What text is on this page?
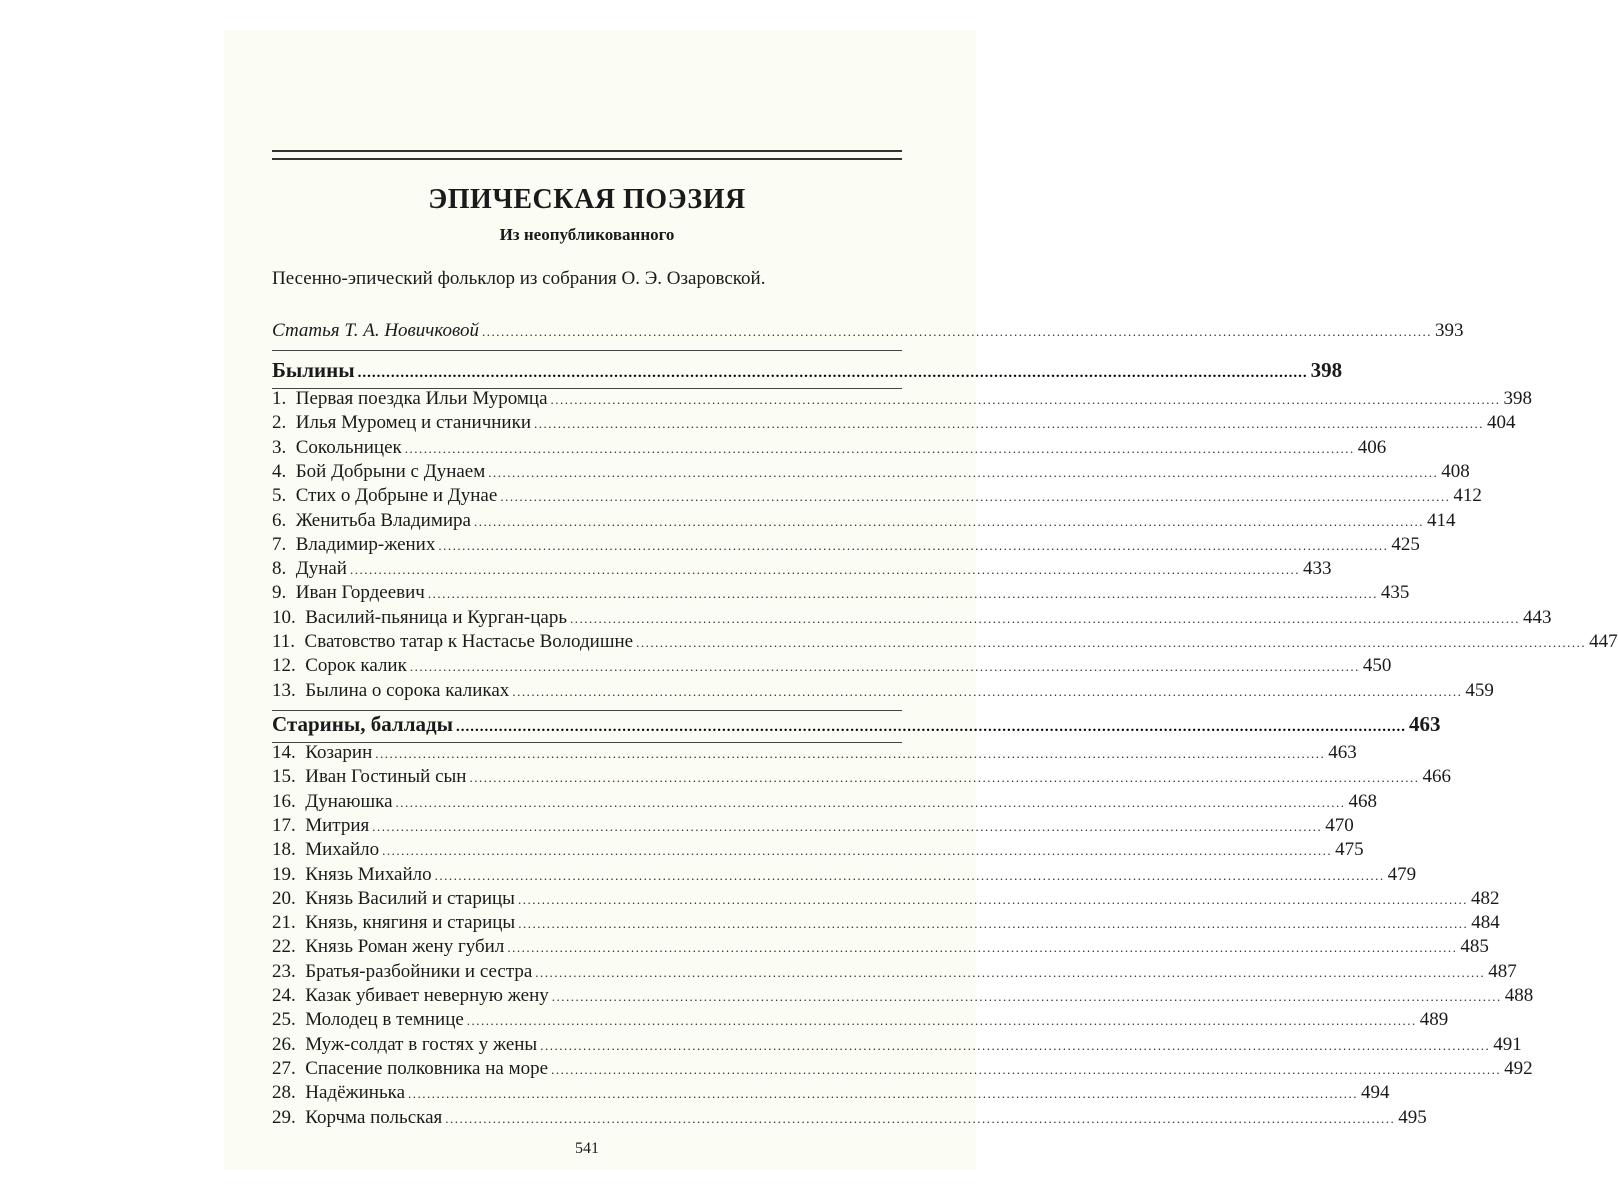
ЭПИЧЕСКАЯ ПОЭЗИЯ
Из неопубликованного
Песенно-эпический фольклор из собрания О. Э. Озаровской.
Статья Т. А. Новичковой ........................................................................................................................................................................................................ 393
Былины ........................................................................................................................................................................................................ 398
1. Первая поездка Ильи Муромца ........................................................................................................................................................................................................ 398
2. Илья Муромец и станичники ........................................................................................................................................................................................................ 404
3. Сокольницек ........................................................................................................................................................................................................ 406
4. Бой Добрыни с Дунаем ........................................................................................................................................................................................................ 408
5. Стих о Добрыне и Дунае ........................................................................................................................................................................................................ 412
6. Женитьба Владимира ........................................................................................................................................................................................................ 414
7. Владимир-жених ........................................................................................................................................................................................................ 425
8. Дунай ........................................................................................................................................................................................................ 433
9. Иван Гордеевич ........................................................................................................................................................................................................ 435
10. Василий-пьяница и Курган-царь ........................................................................................................................................................................................................ 443
11. Сватовство татар к Настасье Володишне ........................................................................................................................................................................................................ 447
12. Сорок калик ........................................................................................................................................................................................................ 450
13. Былина о сорока каликах ........................................................................................................................................................................................................ 459
Старины, баллады ........................................................................................................................................................................................................ 463
14. Козарин ........................................................................................................................................................................................................ 463
15. Иван Гостиный сын ........................................................................................................................................................................................................ 466
16. Дунаюшка ........................................................................................................................................................................................................ 468
17. Митрия ........................................................................................................................................................................................................ 470
18. Михайло ........................................................................................................................................................................................................ 475
19. Князь Михайло ........................................................................................................................................................................................................ 479
20. Князь Василий и старицы ........................................................................................................................................................................................................ 482
21. Князь, княгиня и старицы ........................................................................................................................................................................................................ 484
22. Князь Роман жену губил ........................................................................................................................................................................................................ 485
23. Братья-разбойники и сестра ........................................................................................................................................................................................................ 487
24. Казак убивает неверную жену ........................................................................................................................................................................................................ 488
25. Молодец в темнице ........................................................................................................................................................................................................ 489
26. Муж-солдат в гостях у жены ........................................................................................................................................................................................................ 491
27. Спасение полковника на море ........................................................................................................................................................................................................ 492
28. Надёжинька ........................................................................................................................................................................................................ 494
29. Корчма польская ........................................................................................................................................................................................................ 495
541
